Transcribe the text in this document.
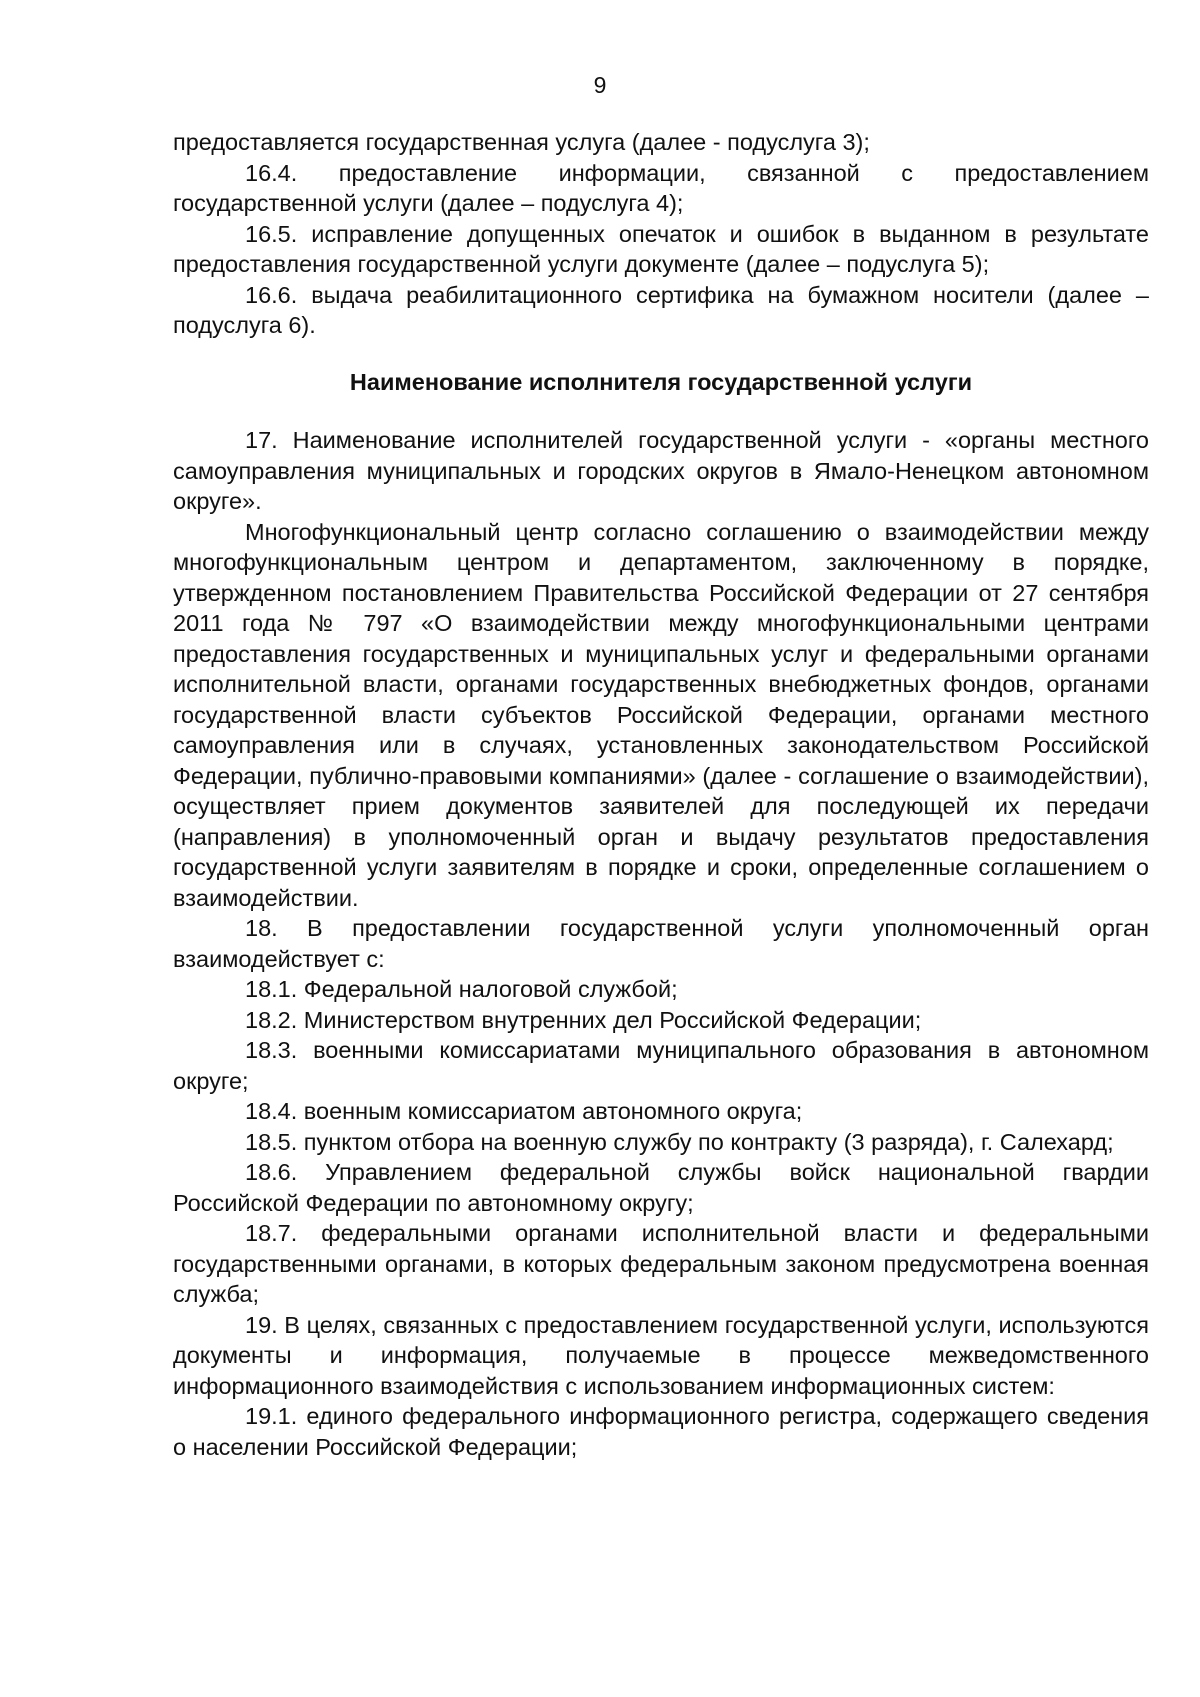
9

предоставляется государственная услуга (далее - подуслуга 3);

16.4. предоставление информации, связанной с предоставлением государственной услуги (далее – подуслуга 4);

16.5. исправление допущенных опечаток и ошибок в выданном в результате предоставления государственной услуги документе (далее – подуслуга 5);

16.6. выдача реабилитационного сертифика на бумажном носители (далее – подуслуга 6).

Наименование исполнителя государственной услуги

17. Наименование исполнителей государственной услуги - «органы местного самоуправления муниципальных и городских округов в Ямало-Ненецком автономном округе».

Многофункциональный центр согласно соглашению о взаимодействии между многофункциональным центром и департаментом, заключенному в порядке, утвержденном постановлением Правительства Российской Федерации от 27 сентября 2011 года № 797 «О взаимодействии между многофункциональными центрами предоставления государственных и муниципальных услуг и федеральными органами исполнительной власти, органами государственных внебюджетных фондов, органами государственной власти субъектов Российской Федерации, органами местного самоуправления или в случаях, установленных законодательством Российской Федерации, публично-правовыми компаниями» (далее - соглашение о взаимодействии), осуществляет прием документов заявителей для последующей их передачи (направления) в уполномоченный орган и выдачу результатов предоставления государственной услуги заявителям в порядке и сроки, определенные соглашением о взаимодействии.

18. В предоставлении государственной услуги уполномоченный орган взаимодействует с:

18.1. Федеральной налоговой службой;

18.2. Министерством внутренних дел Российской Федерации;

18.3. военными комиссариатами муниципального образования в автономном округе;

18.4. военным комиссариатом автономного округа;

18.5. пунктом отбора на военную службу по контракту (3 разряда), г. Салехард;

18.6. Управлением федеральной службы войск национальной гвардии Российской Федерации по автономному округу;

18.7. федеральными органами исполнительной власти и федеральными государственными органами, в которых федеральным законом предусмотрена военная служба;

19. В целях, связанных с предоставлением государственной услуги, используются документы и информация, получаемые в процессе межведомственного информационного взаимодействия с использованием информационных систем:

19.1. единого федерального информационного регистра, содержащего сведения о населении Российской Федерации;
